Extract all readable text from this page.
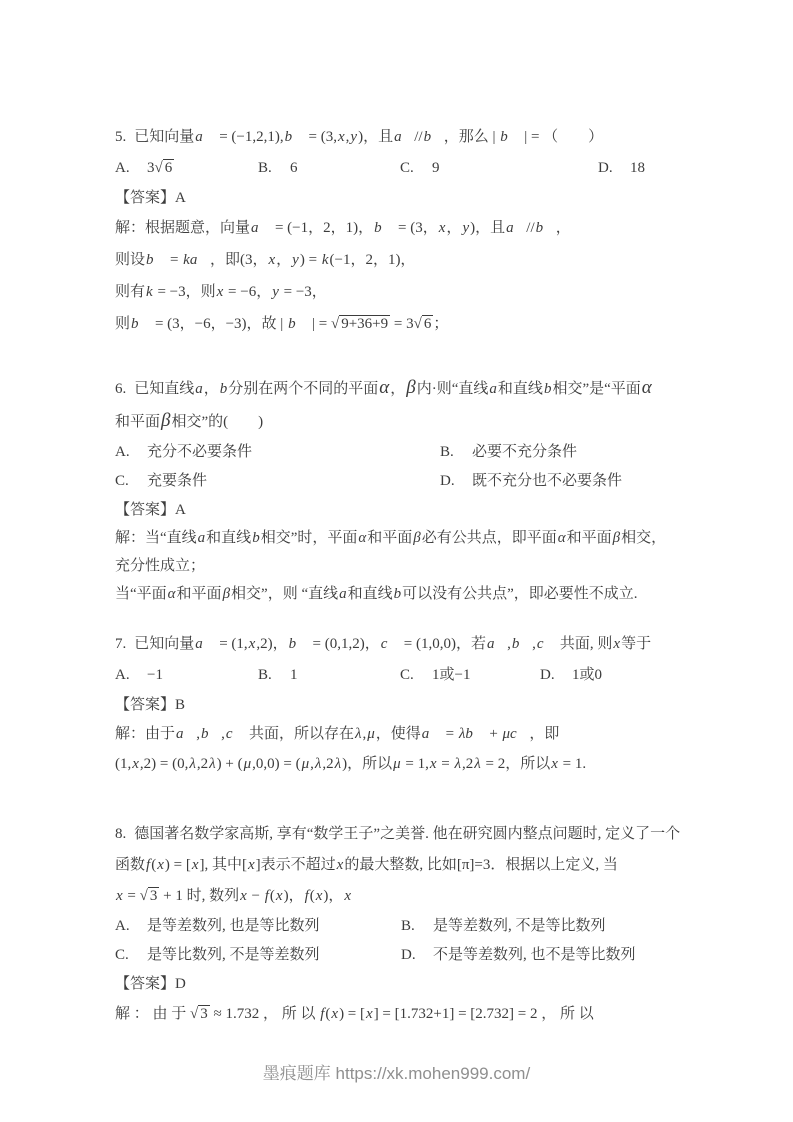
5. 已知向量a⃗ = (−1,2,1),b⃗ = (3,x,y)，且a⃗//b⃗，那么 | b⃗ | = （　　）

A. 3√ 6	B. 6	C. 9	D. 18

【答案】A

解：根据题意，向量a⃗ = (−1，2，1)，b⃗ = (3，x，y)，且a⃗//b⃗，

则设b⃗ = ka⃗，即(3，x，y) = k(−1，2，1)，

则有k = −3，则x = −6，y = −3，

则b⃗ = (3，−6，−3)，故 | b⃗ | = √ 9+36+9 = 3√ 6 ；

6. 已知直线a，b分别在两个不同的平面α，β内·则“直线a和直线b相交”是“平面α

和平面β相交”的(　　)

A. 充分不必要条件	B. 必要不充分条件
C. 充要条件	D. 既不充分也不必要条件

【答案】A

解：当“直线a和直线b相交”时，平面α和平面β必有公共点，即平面α和平面β相交，

充分性成立；

当“平面α和平面β相交”，则 “直线a和直线b可以没有公共点”，即必要性不成立.

7. 已知向量a⃗ = (1,x,2)，b⃗ = (0,1,2)，c⃗ = (1,0,0)，若a⃗,b⃗,c⃗ 共面, 则x等于

A. −1	B. 1	C. 1或−1	D. 1或0

【答案】B

解：由于a⃗,b⃗,c⃗ 共面，所以存在λ,μ，使得a⃗ = λb⃗ + μc⃗，即

(1,x,2) = (0,λ,2λ) + (μ,0,0) = (μ,λ,2λ)，所以μ = 1,x = λ,2λ = 2，所以x = 1.

8. 德国著名数学家高斯, 享有“数学王子”之美誉. 他在研究圆内整点问题时, 定义了一个

函数f(x) = [x], 其中[x]表示不超过x的最大整数, 比如[π]=3．根据以上定义, 当

x = √ 3 + 1 时, 数列x − f(x)，f(x)，x

A. 是等差数列, 也是等比数列	B. 是等差数列, 不是等比数列
C. 是等比数列, 不是等差数列	D. 不是等差数列, 也不是等比数列

【答案】D

解 ： 由 于 √ 3 ≈ 1.732 ， 所 以 f(x) = [x] = [1.732+1] = [2.732] = 2 ， 所 以

墨痕题库 https://xk.mohen999.com/
